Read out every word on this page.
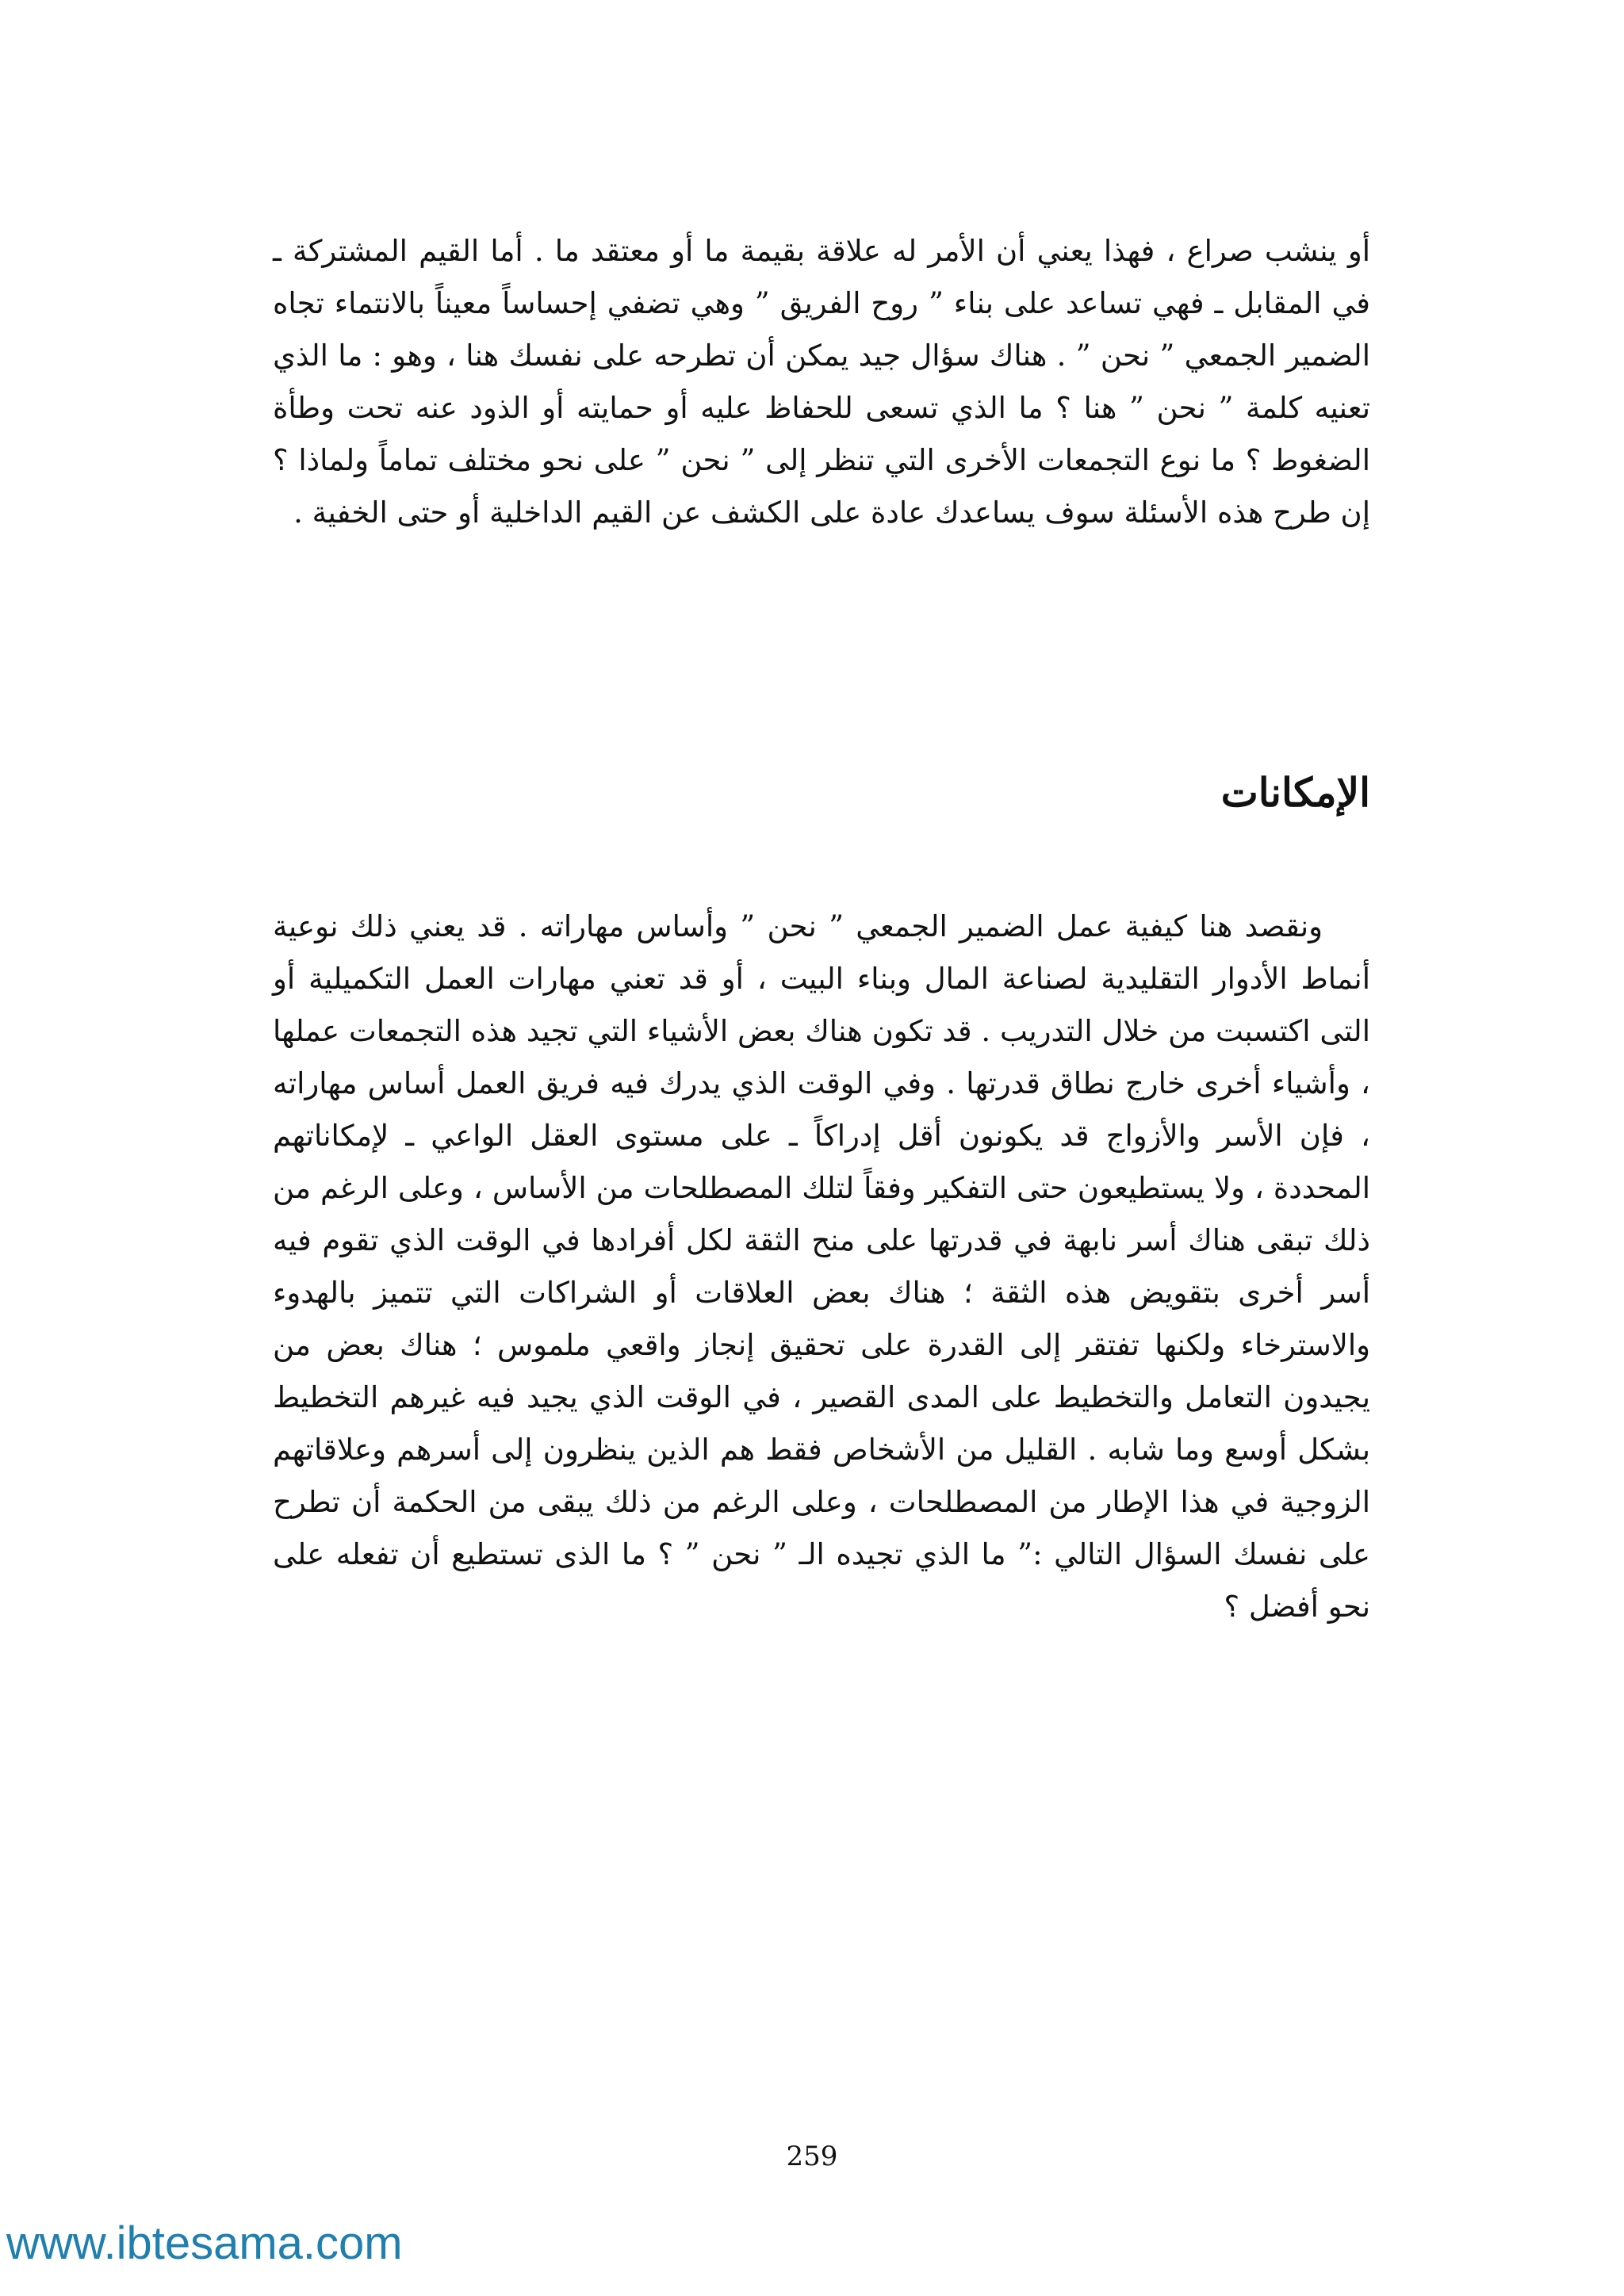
أو ينشب صراع ، فهذا يعني أن الأمر له علاقة بقيمة ما أو معتقد ما . أما القيم المشتركة ـ في المقابل ـ فهي تساعد على بناء ” روح الفريق ” وهي تضفي إحساساً معيناً بالانتماء تجاه الضمير الجمعي ” نحن ” . هناك سؤال جيد يمكن أن تطرحه على نفسك هنا ، وهو : ما الذي تعنيه كلمة ” نحن ” هنا ؟ ما الذي تسعى للحفاظ عليه أو حمايته أو الذود عنه تحت وطأة الضغوط ؟ ما نوع التجمعات الأخرى التي تنظر إلى ” نحن ” على نحو مختلف تماماً ولماذا ؟ إن طرح هذه الأسئلة سوف يساعدك عادة على الكشف عن القيم الداخلية أو حتى الخفية .

الإمكانات

ونقصد هنا كيفية عمل الضمير الجمعي ” نحن ” وأساس مهاراته . قد يعني ذلك نوعية أنماط الأدوار التقليدية لصناعة المال وبناء البيت ، أو قد تعني مهارات العمل التكميلية أو التى اكتسبت من خلال التدريب . قد تكون هناك بعض الأشياء التي تجيد هذه التجمعات عملها ، وأشياء أخرى خارج نطاق قدرتها . وفي الوقت الذي يدرك فيه فريق العمل أساس مهاراته ، فإن الأسر والأزواج قد يكونون أقل إدراكاً ـ على مستوى العقل الواعي ـ لإمكاناتهم المحددة ، ولا يستطيعون حتى التفكير وفقاً لتلك المصطلحات من الأساس ، وعلى الرغم من ذلك تبقى هناك أسر نابهة في قدرتها على منح الثقة لكل أفرادها في الوقت الذي تقوم فيه أسر أخرى بتقويض هذه الثقة ؛ هناك بعض العلاقات أو الشراكات التي تتميز بالهدوء والاسترخاء ولكنها تفتقر إلى القدرة على تحقيق إنجاز واقعي ملموس ؛ هناك بعض من يجيدون التعامل والتخطيط على المدى القصير ، في الوقت الذي يجيد فيه غيرهم التخطيط بشكل أوسع وما شابه . القليل من الأشخاص فقط هم الذين ينظرون إلى أسرهم وعلاقاتهم الزوجية في هذا الإطار من المصطلحات ، وعلى الرغم من ذلك يبقى من الحكمة أن تطرح على نفسك السؤال التالي :” ما الذي تجيده الـ ” نحن ” ؟ ما الذى تستطيع أن تفعله على نحو أفضل ؟

259
www.ibtesama.com
